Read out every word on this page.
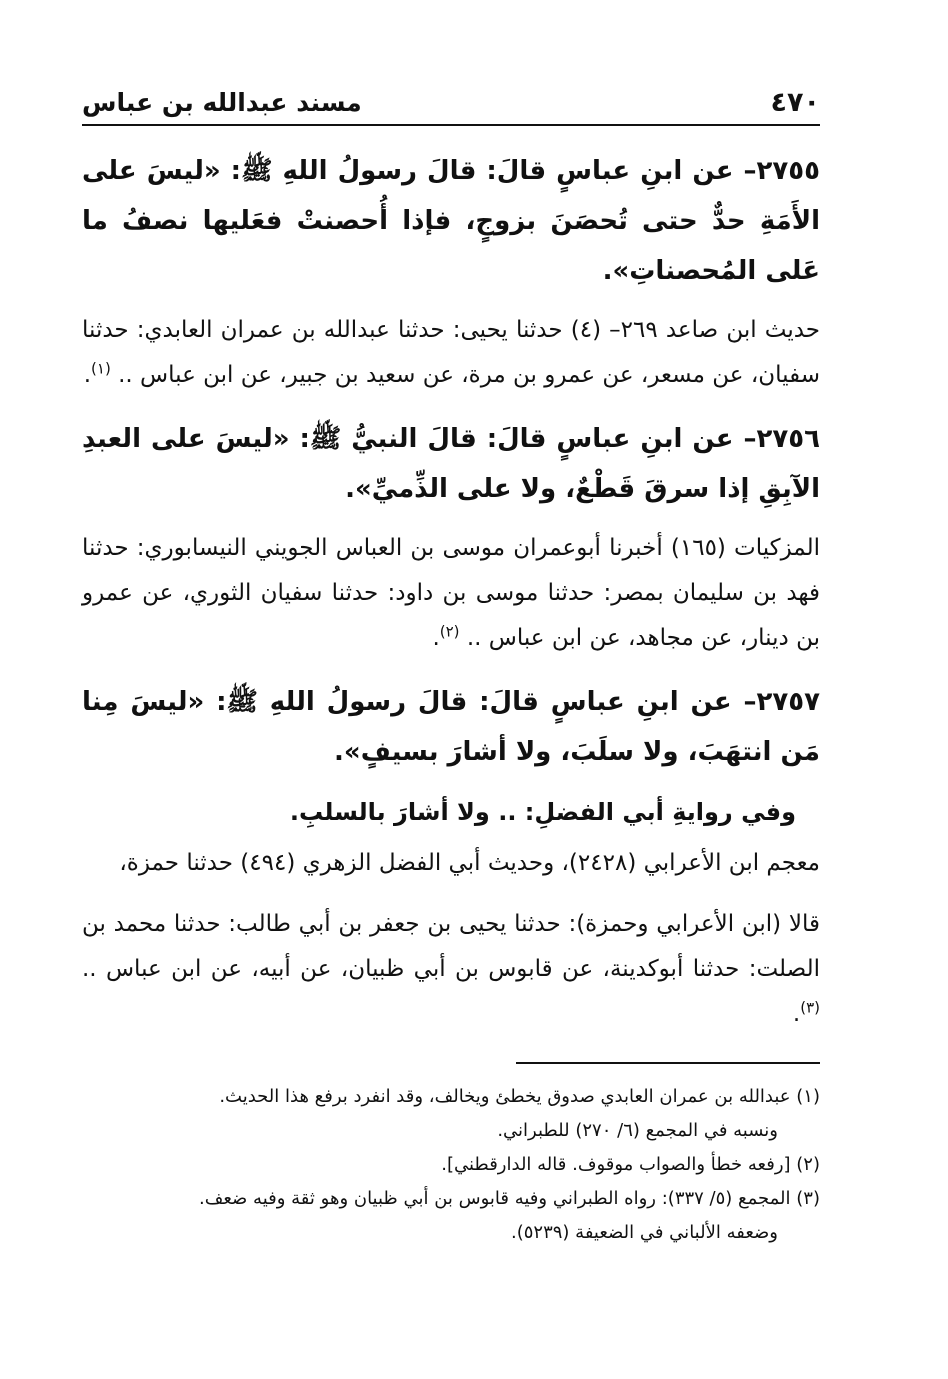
٤٧٠
مسند عبدالله بن عباس

٢٧٥٥– عن ابنِ عباسٍ قالَ: قالَ رسولُ اللهِ ﷺ: «ليسَ على الأَمَةِ حدٌّ حتى تُحصَنَ بزوجٍ، فإذا أُحصنتْ فعَليها نصفُ ما عَلى المُحصناتِ».

حديث ابن صاعد ٢٦٩– (٤) حدثنا يحيى: حدثنا عبدالله بن عمران العابدي: حدثنا سفيان، عن مسعر، عن عمرو بن مرة، عن سعيد بن جبير، عن ابن عباس .. $^{(١)}$.

٢٧٥٦– عن ابنِ عباسٍ قالَ: قالَ النبيُّ ﷺ: «ليسَ على العبدِ الآبِقِ إذا سرقَ قَطْعٌ، ولا على الذِّميِّ».

المزكيات (١٦٥) أخبرنا أبوعمران موسى بن العباس الجويني النيسابوري: حدثنا فهد بن سليمان بمصر: حدثنا موسى بن داود: حدثنا سفيان الثوري، عن عمرو بن دينار، عن مجاهد، عن ابن عباس .. $^{(٢)}$.

٢٧٥٧– عن ابنِ عباسٍ قالَ: قالَ رسولُ اللهِ ﷺ: «ليسَ مِنا مَن انتهَبَ، ولا سلَبَ، ولا أشارَ بسيفٍ».

وفي روايةِ أبي الفضلِ: .. ولا أشارَ بالسلبِ.

معجم ابن الأعرابي (٢٤٢٨)، وحديث أبي الفضل الزهري (٤٩٤) حدثنا حمزة،

قالا (ابن الأعرابي وحمزة): حدثنا يحيى بن جعفر بن أبي طالب: حدثنا محمد بن الصلت: حدثنا أبوكدينة، عن قابوس بن أبي ظبيان، عن أبيه، عن ابن عباس .. $^{(٣)}$.

(١) عبدالله بن عمران العابدي صدوق يخطئ ويخالف، وقد انفرد برفع هذا الحديث.

ونسبه في المجمع (٦/ ٢٧٠) للطبراني.

(٢) [رفعه خطأ والصواب موقوف. قاله الدارقطني].

(٣) المجمع (٥/ ٣٣٧): رواه الطبراني وفيه قابوس بن أبي ظبيان وهو ثقة وفيه ضعف.

وضعفه الألباني في الضعيفة (٥٢٣٩).
